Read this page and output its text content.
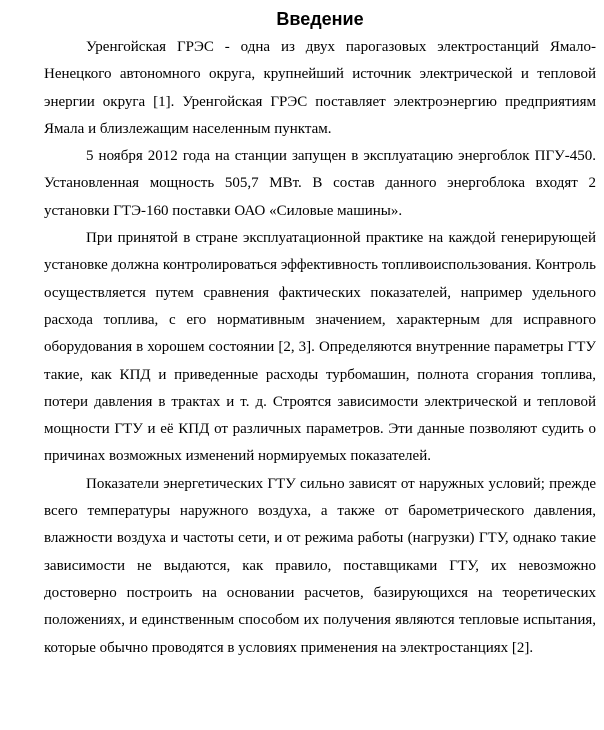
Введение

Уренгойская ГРЭС - одна из двух парогазовых электростанций Ямало-Ненецкого автономного округа, крупнейший источник электрической и тепловой энергии округа [1]. Уренгойская ГРЭС поставляет электроэнергию предприятиям Ямала и близлежащим населенным пунктам.

5 ноября 2012 года на станции запущен в эксплуатацию энергоблок ПГУ-450. Установленная мощность 505,7 МВт. В состав данного энергоблока входят 2 установки ГТЭ-160 поставки ОАО «Силовые машины».

При принятой в стране эксплуатационной практике на каждой генерирующей установке должна контролироваться эффективность топливоиспользования. Контроль осуществляется путем сравнения фактических показателей, например удельного расхода топлива, с его нормативным значением, характерным для исправного оборудования в хорошем состоянии [2, 3]. Определяются внутренние параметры ГТУ такие, как КПД и приведенные расходы турбомашин, полнота сгорания топлива, потери давления в трактах и т. д. Строятся зависимости электрической и тепловой мощности ГТУ и её КПД от различных параметров. Эти данные позволяют судить о причинах возможных изменений нормируемых показателей.

Показатели энергетических ГТУ сильно зависят от наружных условий; прежде всего температуры наружного воздуха, а также от барометрического давления, влажности воздуха и частоты сети, и от режима работы (нагрузки) ГТУ, однако такие зависимости не выдаются, как правило, поставщиками ГТУ, их невозможно достоверно построить на основании расчетов, базирующихся на теоретических положениях, и единственным способом их получения являются тепловые испытания, которые обычно проводятся в условиях применения на электростанциях [2].
